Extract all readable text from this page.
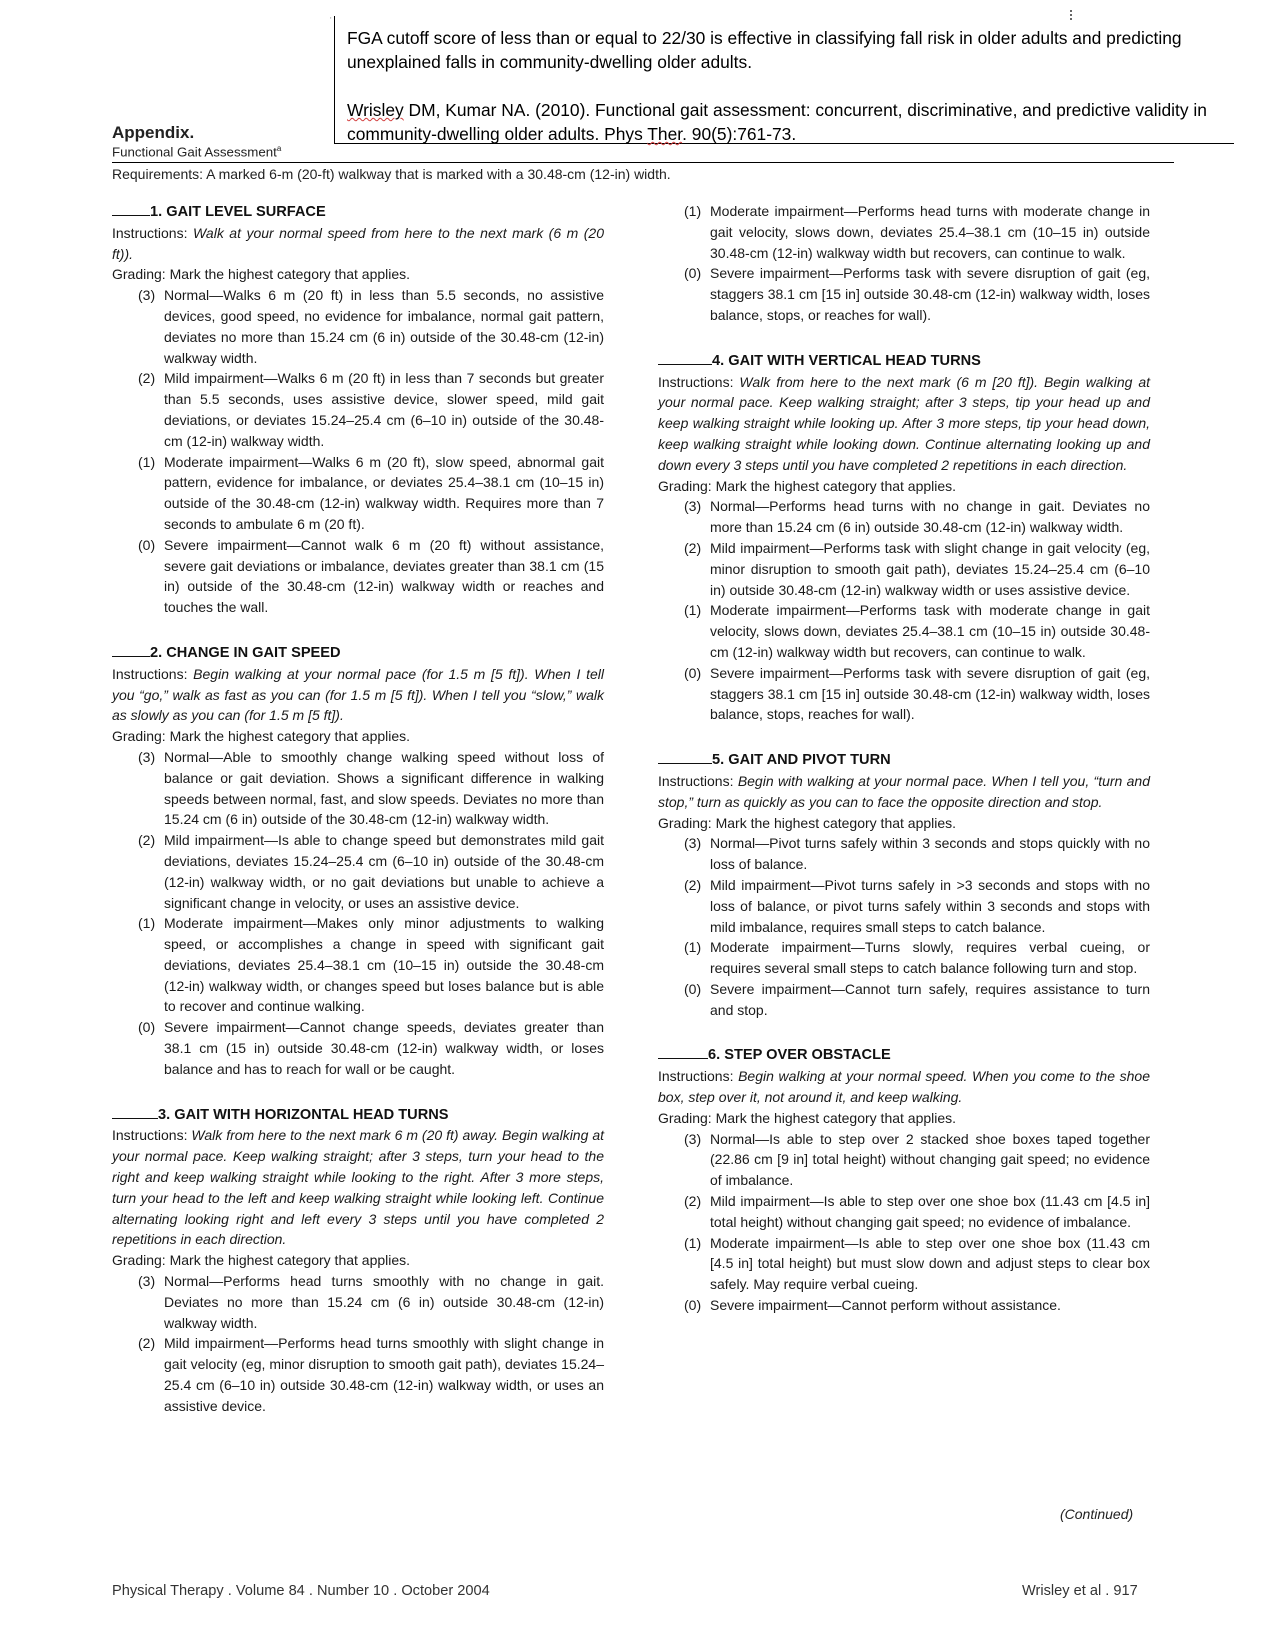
'

FGA cutoff score of less than or equal to 22/30 is effective in classifying fall risk in older adults and predicting unexplained falls in community-dwelling older adults.

Wrisley DM, Kumar NA. (2010). Functional gait assessment: concurrent, discriminative, and predictive validity in community-dwelling older adults. Phys Ther. 90(5):761-73.

Appendix.
Functional Gait Assessment$^a$
Requirements: A marked 6-m (20-ft) walkway that is marked with a 30.48-cm (12-in) width.

1. GAIT LEVEL SURFACE

Instructions: Walk at your normal speed from here to the next mark (6 m (20 ft)).

Grading: Mark the highest category that applies.

(3) Normal—Walks 6 m (20 ft) in less than 5.5 seconds, no assistive devices, good speed, no evidence for imbalance, normal gait pattern, deviates no more than 15.24 cm (6 in) outside of the 30.48-cm (12-in) walkway width.
(2) Mild impairment—Walks 6 m (20 ft) in less than 7 seconds but greater than 5.5 seconds, uses assistive device, slower speed, mild gait deviations, or deviates 15.24–25.4 cm (6–10 in) outside of the 30.48-cm (12-in) walkway width.
(1) Moderate impairment—Walks 6 m (20 ft), slow speed, abnormal gait pattern, evidence for imbalance, or deviates 25.4–38.1 cm (10–15 in) outside of the 30.48-cm (12-in) walkway width. Requires more than 7 seconds to ambulate 6 m (20 ft).
(0) Severe impairment—Cannot walk 6 m (20 ft) without assistance, severe gait deviations or imbalance, deviates greater than 38.1 cm (15 in) outside of the 30.48-cm (12-in) walkway width or reaches and touches the wall.

2. CHANGE IN GAIT SPEED

Instructions: Begin walking at your normal pace (for 1.5 m [5 ft]). When I tell you “go,” walk as fast as you can (for 1.5 m [5 ft]). When I tell you “slow,” walk as slowly as you can (for 1.5 m [5 ft]).

Grading: Mark the highest category that applies.

(3) Normal—Able to smoothly change walking speed without loss of balance or gait deviation. Shows a significant difference in walking speeds between normal, fast, and slow speeds. Deviates no more than 15.24 cm (6 in) outside of the 30.48-cm (12-in) walkway width.
(2) Mild impairment—Is able to change speed but demonstrates mild gait deviations, deviates 15.24–25.4 cm (6–10 in) outside of the 30.48-cm (12-in) walkway width, or no gait deviations but unable to achieve a significant change in velocity, or uses an assistive device.
(1) Moderate impairment—Makes only minor adjustments to walking speed, or accomplishes a change in speed with significant gait deviations, deviates 25.4–38.1 cm (10–15 in) outside the 30.48-cm (12-in) walkway width, or changes speed but loses balance but is able to recover and continue walking.
(0) Severe impairment—Cannot change speeds, deviates greater than 38.1 cm (15 in) outside 30.48-cm (12-in) walkway width, or loses balance and has to reach for wall or be caught.

3. GAIT WITH HORIZONTAL HEAD TURNS

Instructions: Walk from here to the next mark 6 m (20 ft) away. Begin walking at your normal pace. Keep walking straight; after 3 steps, turn your head to the right and keep walking straight while looking to the right. After 3 more steps, turn your head to the left and keep walking straight while looking left. Continue alternating looking right and left every 3 steps until you have completed 2 repetitions in each direction.

Grading: Mark the highest category that applies.

(3) Normal—Performs head turns smoothly with no change in gait. Deviates no more than 15.24 cm (6 in) outside 30.48-cm (12-in) walkway width.
(2) Mild impairment—Performs head turns smoothly with slight change in gait velocity (eg, minor disruption to smooth gait path), deviates 15.24–25.4 cm (6–10 in) outside 30.48-cm (12-in) walkway width, or uses an assistive device.
(1) Moderate impairment—Performs head turns with moderate change in gait velocity, slows down, deviates 25.4–38.1 cm (10–15 in) outside 30.48-cm (12-in) walkway width but recovers, can continue to walk.
(0) Severe impairment—Performs task with severe disruption of gait (eg, staggers 38.1 cm [15 in] outside 30.48-cm (12-in) walkway width, loses balance, stops, or reaches for wall).

4. GAIT WITH VERTICAL HEAD TURNS

Instructions: Walk from here to the next mark (6 m [20 ft]). Begin walking at your normal pace. Keep walking straight; after 3 steps, tip your head up and keep walking straight while looking up. After 3 more steps, tip your head down, keep walking straight while looking down. Continue alternating looking up and down every 3 steps until you have completed 2 repetitions in each direction.

Grading: Mark the highest category that applies.

(3) Normal—Performs head turns with no change in gait. Deviates no more than 15.24 cm (6 in) outside 30.48-cm (12-in) walkway width.
(2) Mild impairment—Performs task with slight change in gait velocity (eg, minor disruption to smooth gait path), deviates 15.24–25.4 cm (6–10 in) outside 30.48-cm (12-in) walkway width or uses assistive device.
(1) Moderate impairment—Performs task with moderate change in gait velocity, slows down, deviates 25.4–38.1 cm (10–15 in) outside 30.48-cm (12-in) walkway width but recovers, can continue to walk.
(0) Severe impairment—Performs task with severe disruption of gait (eg, staggers 38.1 cm [15 in] outside 30.48-cm (12-in) walkway width, loses balance, stops, reaches for wall).

5. GAIT AND PIVOT TURN

Instructions: Begin with walking at your normal pace. When I tell you, “turn and stop,” turn as quickly as you can to face the opposite direction and stop.

Grading: Mark the highest category that applies.

(3) Normal—Pivot turns safely within 3 seconds and stops quickly with no loss of balance.
(2) Mild impairment—Pivot turns safely in >3 seconds and stops with no loss of balance, or pivot turns safely within 3 seconds and stops with mild imbalance, requires small steps to catch balance.
(1) Moderate impairment—Turns slowly, requires verbal cueing, or requires several small steps to catch balance following turn and stop.
(0) Severe impairment—Cannot turn safely, requires assistance to turn and stop.

6. STEP OVER OBSTACLE

Instructions: Begin walking at your normal speed. When you come to the shoe box, step over it, not around it, and keep walking.

Grading: Mark the highest category that applies.

(3) Normal—Is able to step over 2 stacked shoe boxes taped together (22.86 cm [9 in] total height) without changing gait speed; no evidence of imbalance.
(2) Mild impairment—Is able to step over one shoe box (11.43 cm [4.5 in] total height) without changing gait speed; no evidence of imbalance.
(1) Moderate impairment—Is able to step over one shoe box (11.43 cm [4.5 in] total height) but must slow down and adjust steps to clear box safely. May require verbal cueing.
(0) Severe impairment—Cannot perform without assistance.
(Continued)
Physical Therapy . Volume 84 . Number 10 . October 2004	Wrisley et al . 917
